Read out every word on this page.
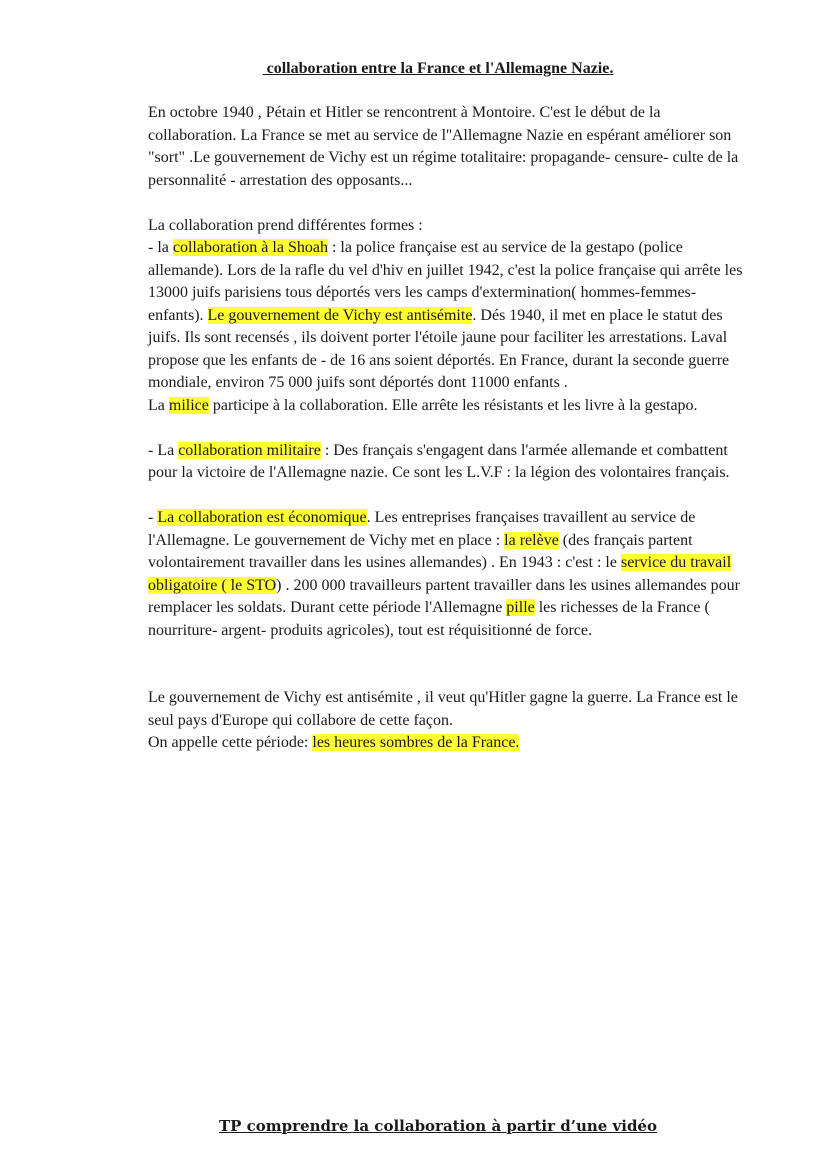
collaboration entre la France et l'Allemagne Nazie.

En octobre 1940 , Pétain et Hitler se rencontrent à Montoire. C'est le début de la collaboration. La France se met au service de l''Allemagne Nazie en espérant améliorer son "sort" .Le gouvernement de Vichy est un régime totalitaire: propagande- censure- culte de la personnalité - arrestation des opposants...

La collaboration prend différentes formes :

- la collaboration à la Shoah : la police française est au service de la gestapo (police allemande). Lors de la rafle du vel d'hiv en juillet 1942, c'est la police française qui arrête les 13000 juifs parisiens tous déportés vers les camps d'extermination( hommes-femmes-enfants). Le gouvernement de Vichy est antisémite. Dés 1940, il met en place le statut des juifs. Ils sont recensés , ils doivent porter l'étoile jaune pour faciliter les arrestations. Laval propose que les enfants de - de 16 ans soient déportés. En France, durant la seconde guerre mondiale, environ 75 000 juifs sont déportés dont 11000 enfants .

La milice participe à la collaboration. Elle arrête les résistants et les livre à la gestapo.

- La collaboration militaire : Des français s'engagent dans l'armée allemande et combattent pour la victoire de l'Allemagne nazie. Ce sont les L.V.F : la légion des volontaires français.

- La collaboration est économique. Les entreprises françaises travaillent au service de l'Allemagne. Le gouvernement de Vichy met en place : la relève (des français partent volontairement travailler dans les usines allemandes) . En 1943 : c'est : le service du travail obligatoire ( le STO) . 200 000 travailleurs partent travailler dans les usines allemandes pour remplacer les soldats. Durant cette période l'Allemagne pille les richesses de la France ( nourriture- argent- produits agricoles), tout est réquisitionné de force.

Le gouvernement de Vichy est antisémite , il veut qu'Hitler gagne la guerre. La France est le seul pays d'Europe qui collabore de cette façon.

On appelle cette période: les heures sombres de la France.

TP comprendre la collaboration à partir d’une vidéo
